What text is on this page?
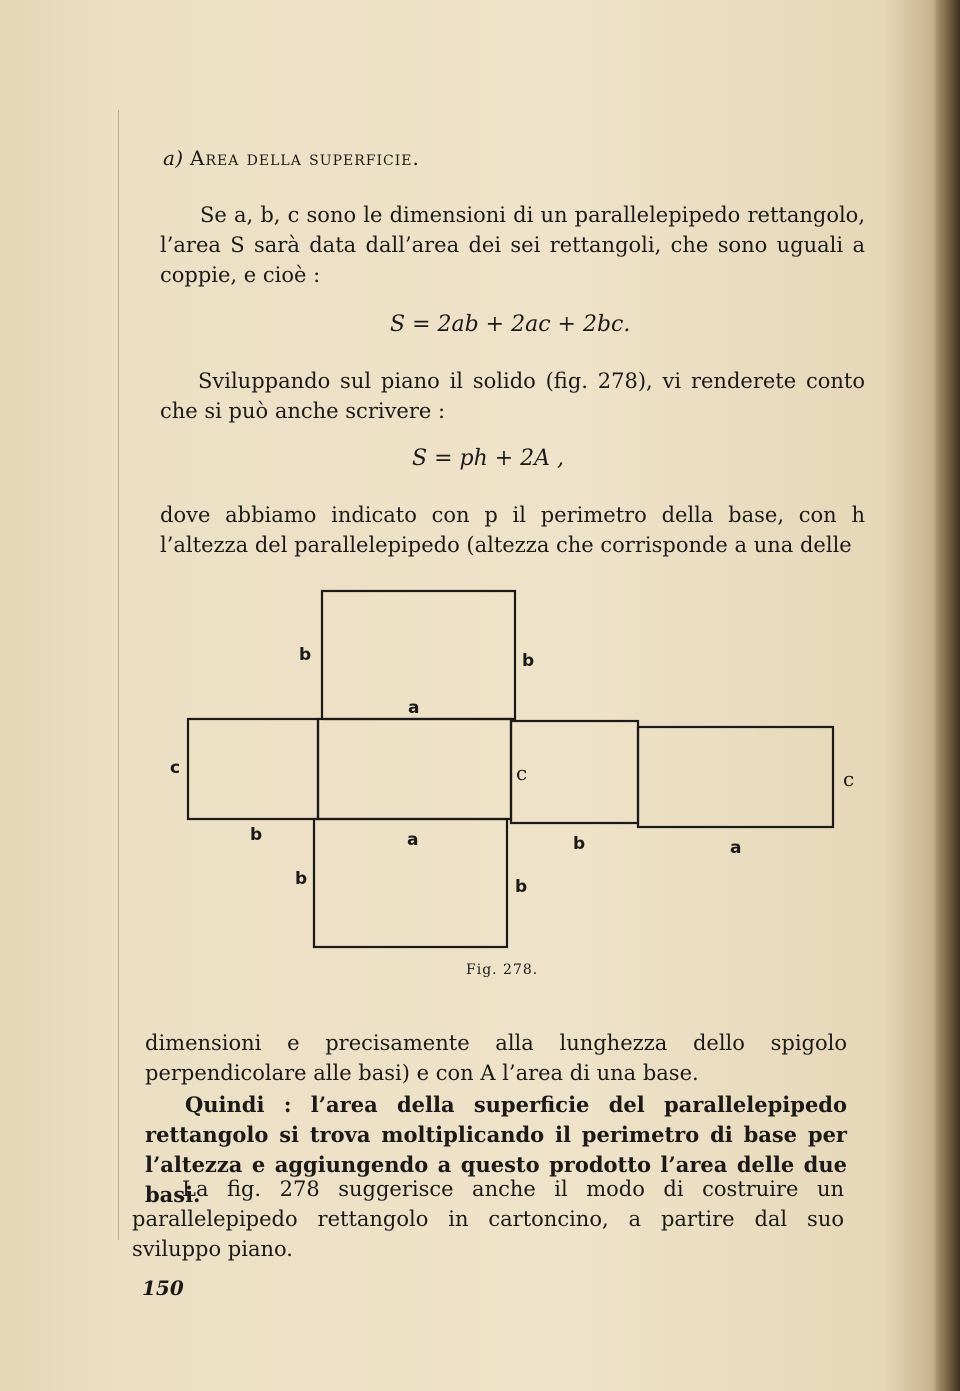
a) Area della superficie.
Se a, b, c sono le dimensioni di un parallelepipedo rettangolo, l’area S sarà data dall’area dei sei rettangoli, che sono uguali a coppie, e cioè :
S = 2ab + 2ac + 2bc.
Sviluppando sul piano il solido (fig. 278), vi renderete conto che si può anche scrivere :
S = ph + 2A ,
dove abbiamo indicato con p il perimetro della base, con h l’altezza del parallelepipedo (altezza che corrisponde a una delle
b	b
a
c	c	c
b	a	b	a
b	b
Fig. 278.
dimensioni e precisamente alla lunghezza dello spigolo perpendicolare alle basi) e con A l’area di una base.
Quindi : l’area della superficie del parallelepipedo rettangolo si trova moltiplicando il perimetro di base per l’altezza e aggiungendo a questo prodotto l’area delle due basi.
La fig. 278 suggerisce anche il modo di costruire un parallelepipedo rettangolo in cartoncino, a partire dal suo sviluppo piano.
150
